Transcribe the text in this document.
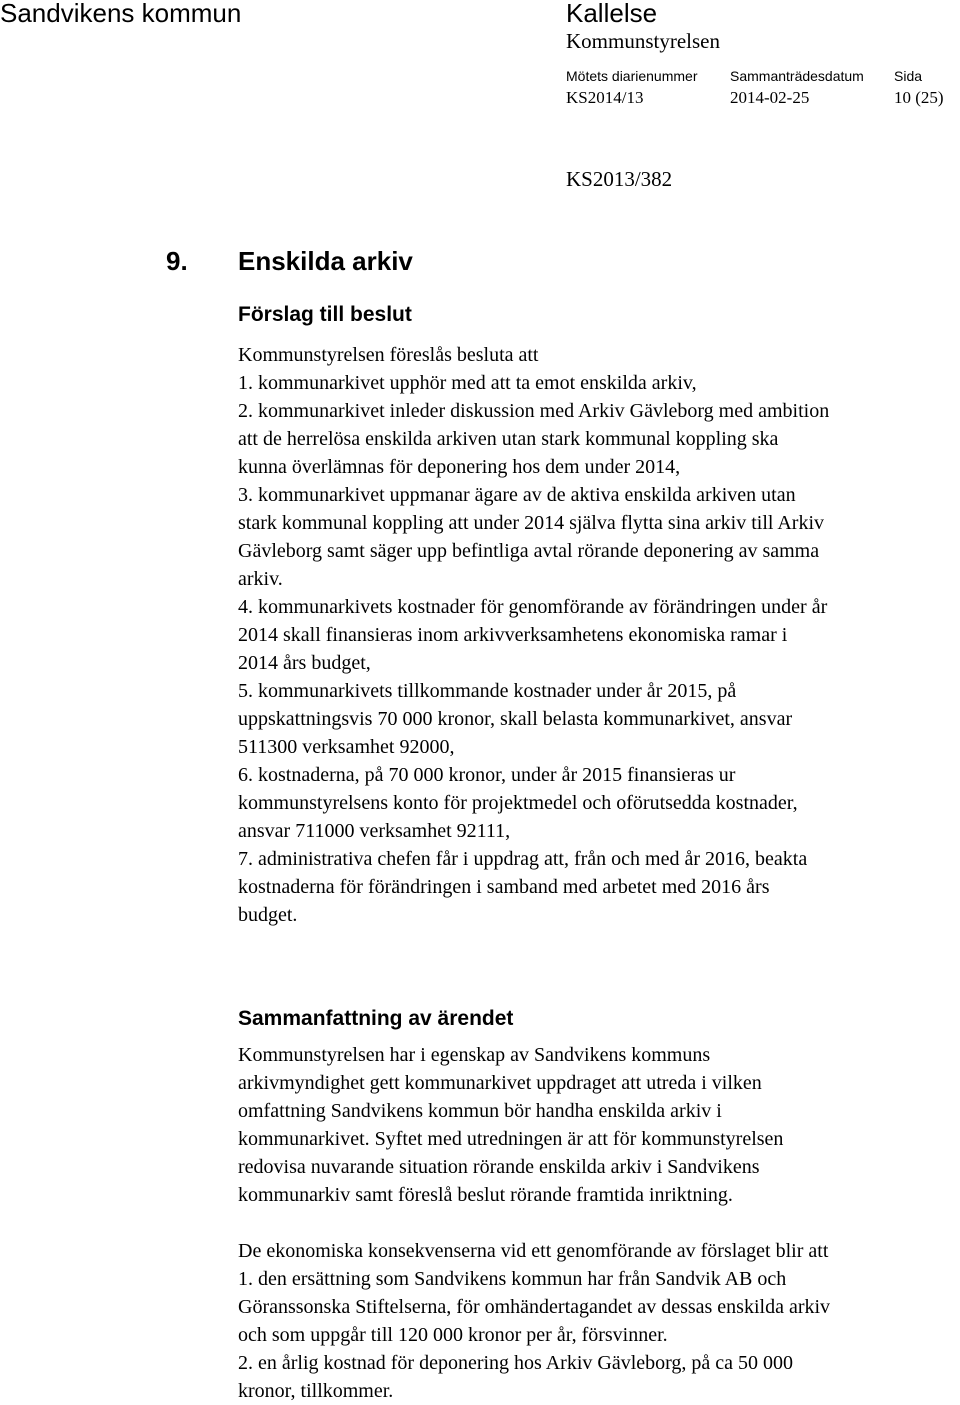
Sandvikens kommun	Kallelse
Kommunstyrelsen
Mötets diarienummer Sammanträdesdatum Sida
KS2014/13	2014-02-25	10 (25)
KS2013/382
9. Enskilda arkiv
Förslag till beslut
Kommunstyrelsen föreslås besluta att
1. kommunarkivet upphör med att ta emot enskilda arkiv,
2. kommunarkivet inleder diskussion med Arkiv Gävleborg med ambition
att de herrelösa enskilda arkiven utan stark kommunal koppling ska
kunna överlämnas för deponering hos dem under 2014,
3. kommunarkivet uppmanar ägare av de aktiva enskilda arkiven utan
stark kommunal koppling att under 2014 själva flytta sina arkiv till Arkiv
Gävleborg samt säger upp befintliga avtal rörande deponering av samma
arkiv.
4. kommunarkivets kostnader för genomförande av förändringen under år
2014 skall finansieras inom arkivverksamhetens ekonomiska ramar i
2014 års budget,
5. kommunarkivets tillkommande kostnader under år 2015, på
uppskattningsvis 70 000 kronor, skall belasta kommunarkivet, ansvar
511300 verksamhet 92000,
6. kostnaderna, på 70 000 kronor, under år 2015 finansieras ur
kommunstyrelsens konto för projektmedel och oförutsedda kostnader,
ansvar 711000 verksamhet 92111,
7. administrativa chefen får i uppdrag att, från och med år 2016, beakta
kostnaderna för förändringen i samband med arbetet med 2016 års
budget.
Sammanfattning av ärendet
Kommunstyrelsen har i egenskap av Sandvikens kommuns
arkivmyndighet gett kommunarkivet uppdraget att utreda i vilken
omfattning Sandvikens kommun bör handha enskilda arkiv i
kommunarkivet. Syftet med utredningen är att för kommunstyrelsen
redovisa nuvarande situation rörande enskilda arkiv i Sandvikens
kommunarkiv samt föreslå beslut rörande framtida inriktning.
De ekonomiska konsekvenserna vid ett genomförande av förslaget blir att
1. den ersättning som Sandvikens kommun har från Sandvik AB och
Göranssonska Stiftelserna, för omhändertagandet av dessas enskilda arkiv
och som uppgår till 120 000 kronor per år, försvinner.
2. en årlig kostnad för deponering hos Arkiv Gävleborg, på ca 50 000
kronor, tillkommer.
